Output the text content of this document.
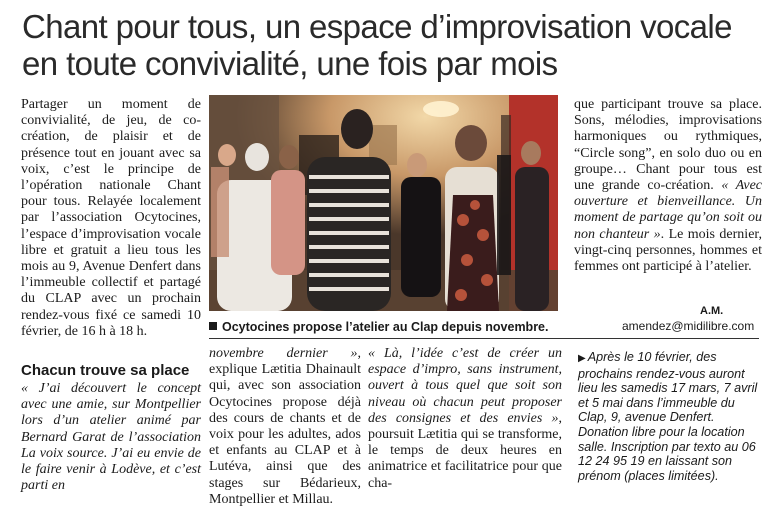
Chant pour tous, un espace d’improvisation vocale en toute convivialité, une fois par mois

Partager un moment de convivialité, de jeu, de co-création, de plaisir et de présence tout en jouant avec sa voix, c’est le principe de l’opération nationale Chant pour tous. Relayée localement par l’association Ocytocines, l’espace d’improvisation vocale libre et gratuit a lieu tous les mois au 9, Avenue Denfert dans l’immeuble collectif et partagé du CLAP avec un prochain rendez-vous fixé ce samedi 10 février, de 16 h à 18 h.

Chacun trouve sa place

« J’ai découvert le concept avec une amie, sur Montpellier lors d’un atelier animé par Bernard Garat de l’association La voix source. J’ai eu envie de le faire venir à Lodève, et c’est parti en

Ocytocines propose l’atelier au Clap depuis novembre.
A.M.
amendez@midilibre.com

novembre dernier », explique Lætitia Dhainault qui, avec son association Ocytocines propose déjà des cours de chants et de voix pour les adultes, ados et enfants au CLAP et à Lutéva, ainsi que des stages sur Bédarieux, Montpellier et Millau.

« Là, l’idée c’est de créer un espace d’impro, sans instrument, ouvert à tous quel que soit son niveau où chacun peut proposer des consignes et des envies », poursuit Lætitia qui se transforme, le temps de deux heures en animatrice et facilitatrice pour que cha-

que participant trouve sa place. Sons, mélodies, improvisations harmoniques ou rythmiques, “Circle song”, en solo duo ou en groupe… Chant pour tous est une grande co-création. « Avec ouverture et bienveillance. Un moment de partage qu’on soit ou non chanteur ». Le mois dernier, vingt-cinq personnes, hommes et femmes ont participé à l’atelier.

▶ Après le 10 février, des prochains rendez-vous auront lieu les samedis 17 mars, 7 avril et 5 mai dans l’immeuble du Clap, 9, avenue Denfert. Donation libre pour la location salle. Inscription par texto au 06 12 24 95 19 en laissant son prénom (places limitées).
